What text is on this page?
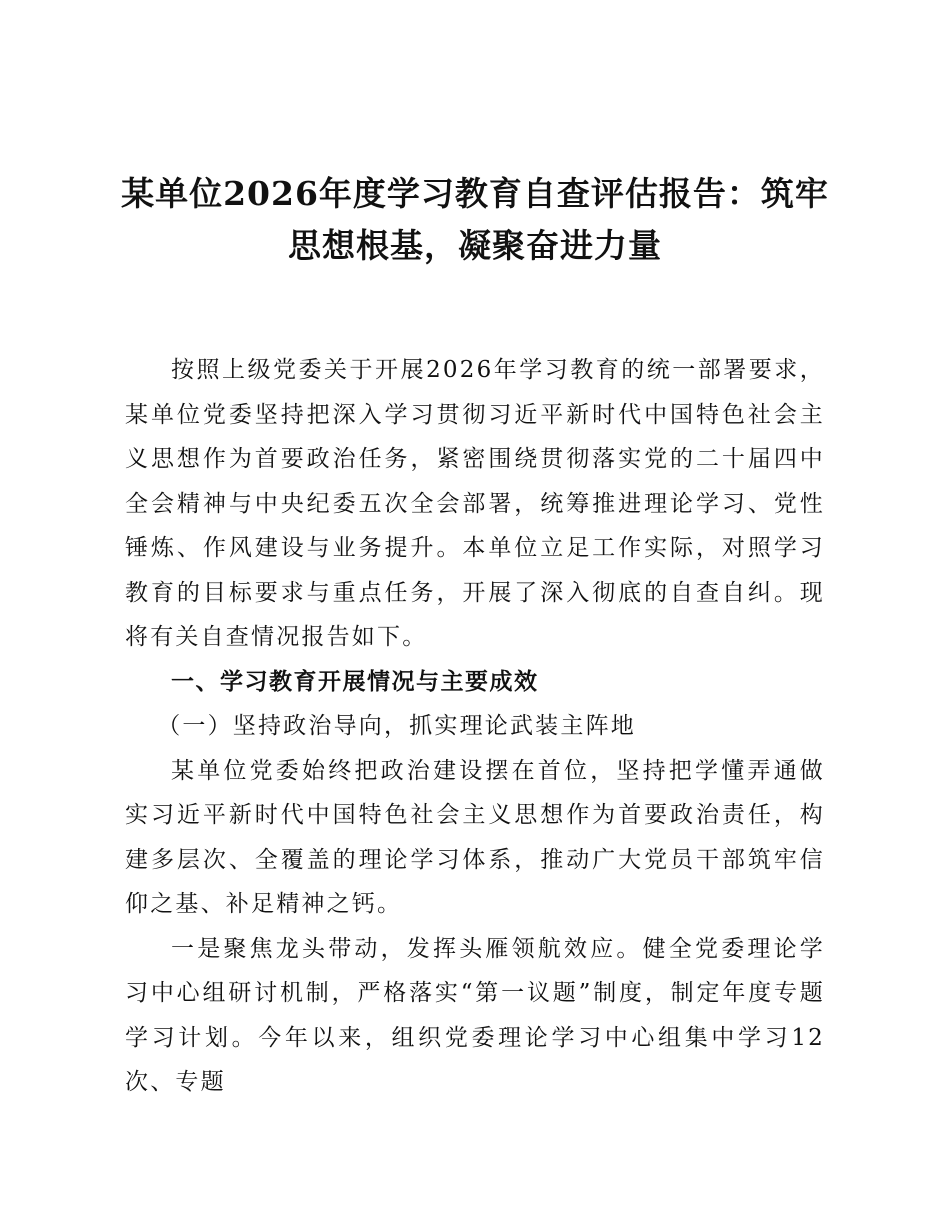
某单位2026年度学习教育自查评估报告：筑牢
思想根基，凝聚奋进力量

按照上级党委关于开展2026年学习教育的统一部署要求，某单位党委坚持把深入学习贯彻习近平新时代中国特色社会主义思想作为首要政治任务，紧密围绕贯彻落实党的二十届四中全会精神与中央纪委五次全会部署，统筹推进理论学习、党性锤炼、作风建设与业务提升。本单位立足工作实际，对照学习教育的目标要求与重点任务，开展了深入彻底的自查自纠。现将有关自查情况报告如下。

一、学习教育开展情况与主要成效

（一）坚持政治导向，抓实理论武装主阵地

某单位党委始终把政治建设摆在首位，坚持把学懂弄通做实习近平新时代中国特色社会主义思想作为首要政治责任，构建多层次、全覆盖的理论学习体系，推动广大党员干部筑牢信仰之基、补足精神之钙。

一是聚焦龙头带动，发挥头雁领航效应。健全党委理论学习中心组研讨机制，严格落实“第一议题”制度，制定年度专题学习计划。今年以来，组织党委理论学习中心组集中学习12次、专题
